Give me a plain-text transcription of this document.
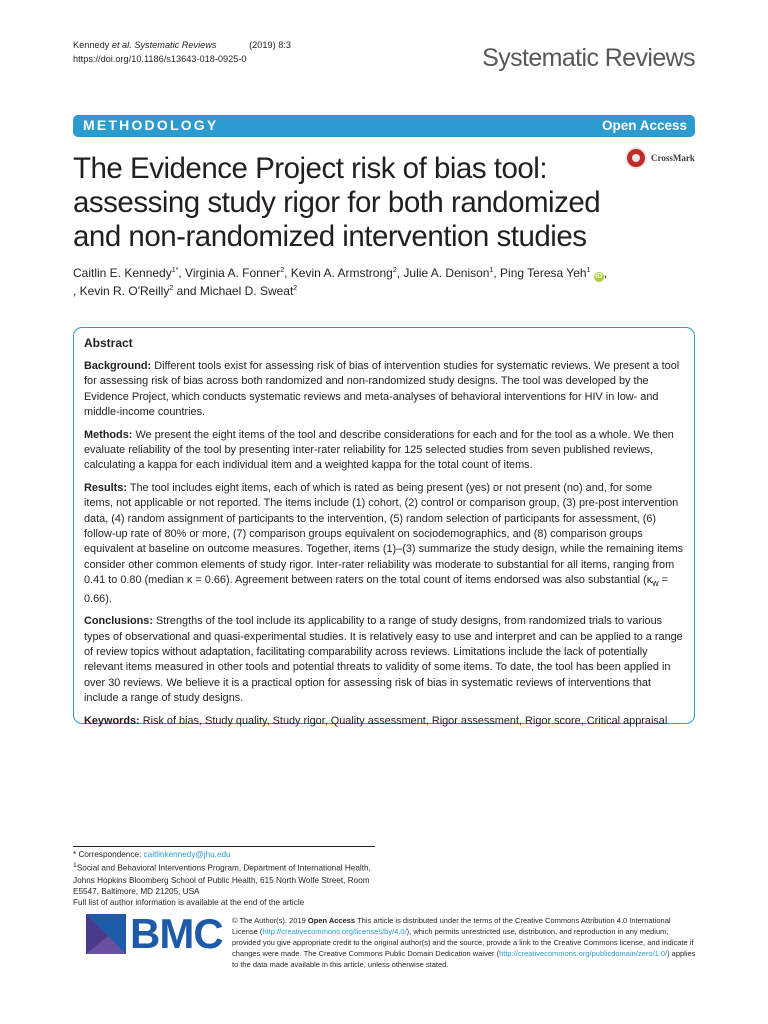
Kennedy et al. Systematic Reviews	(2019) 8:3
https://doi.org/10.1186/s13643-018-0925-0	Systematic Reviews
METHODOLOGY	Open Access
CrossMark
The Evidence Project risk of bias tool: assessing study rigor for both randomized and non-randomized intervention studies
Caitlin E. Kennedy$^{1*}$, Virginia A. Fonner$^2$, Kevin A. Armstrong$^2$, Julie A. Denison$^1$, Ping Teresa Yeh$^1$ iD ,
, Kevin R. O'Reilly$^2$ and Michael D. Sweat$^2$
Abstract

Background: Different tools exist for assessing risk of bias of intervention studies for systematic reviews. We present a tool for assessing risk of bias across both randomized and non-randomized study designs. The tool was developed by the Evidence Project, which conducts systematic reviews and meta-analyses of behavioral interventions for HIV in low- and middle-income countries.

Methods: We present the eight items of the tool and describe considerations for each and for the tool as a whole. We then evaluate reliability of the tool by presenting inter-rater reliability for 125 selected studies from seven published reviews, calculating a kappa for each individual item and a weighted kappa for the total count of items.

Results: The tool includes eight items, each of which is rated as being present (yes) or not present (no) and, for some items, not applicable or not reported. The items include (1) cohort, (2) control or comparison group, (3) pre-post intervention data, (4) random assignment of participants to the intervention, (5) random selection of participants for assessment, (6) follow-up rate of 80% or more, (7) comparison groups equivalent on sociodemographics, and (8) comparison groups equivalent at baseline on outcome measures. Together, items (1)–(3) summarize the study design, while the remaining items consider other common elements of study rigor. Inter-rater reliability was moderate to substantial for all items, ranging from 0.41 to 0.80 (median κ = 0.66). Agreement between raters on the total count of items endorsed was also substantial $(\kappa_w = 0.66)$.

Conclusions: Strengths of the tool include its applicability to a range of study designs, from randomized trials to various types of observational and quasi-experimental studies. It is relatively easy to use and interpret and can be applied to a range of review topics without adaptation, facilitating comparability across reviews. Limitations include the lack of potentially relevant items measured in other tools and potential threats to validity of some items. To date, the tool has been applied in over 30 reviews. We believe it is a practical option for assessing risk of bias in systematic reviews of interventions that include a range of study designs.

Keywords: Risk of bias, Study quality, Study rigor, Quality assessment, Rigor assessment, Rigor score, Critical appraisal

* Correspondence: caitlinkennedy@jhu.edu
$^1$Social and Behavioral Interventions Program, Department of International Health, Johns Hopkins Bloomberg School of Public Health, 615 North Wolfe Street, Room E5547, Baltimore, MD 21205, USA
Full list of author information is available at the end of the article
BMC © The Author(s). 2019 Open Access This article is distributed under the terms of the Creative Commons Attribution 4.0 International License (http://creativecommons.org/licenses/by/4.0/), which permits unrestricted use, distribution, and reproduction in any medium, provided you give appropriate credit to the original author(s) and the source, provide a link to the Creative Commons license, and indicate if changes were made. The Creative Commons Public Domain Dedication waiver (http://creativecommons.org/publicdomain/zero/1.0/) applies to the data made available in this article, unless otherwise stated.
